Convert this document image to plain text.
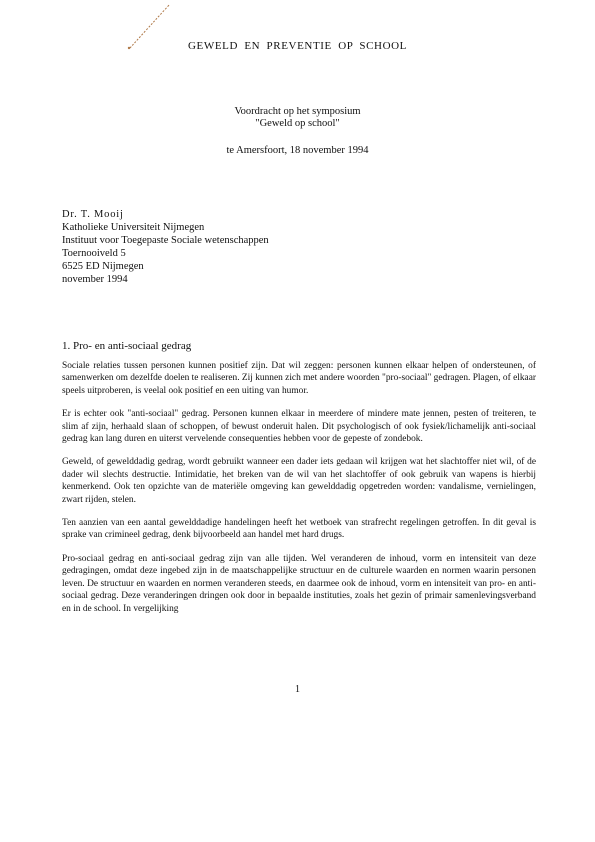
GEWELD EN PREVENTIE OP SCHOOL
Voordracht op het symposium
"Geweld op school"
te Amersfoort, 18 november 1994
Dr. T. Mooij
Katholieke Universiteit Nijmegen
Instituut voor Toegepaste Sociale wetenschappen
Toernooiveld 5
6525 ED Nijmegen
november 1994
1. Pro- en anti-sociaal gedrag

Sociale relaties tussen personen kunnen positief zijn. Dat wil zeggen: personen kunnen elkaar helpen of ondersteunen, of samenwerken om dezelfde doelen te realiseren. Zij kunnen zich met andere woorden "pro-sociaal" gedragen. Plagen, of elkaar speels uitproberen, is veelal ook positief en een uiting van humor.

Er is echter ook "anti-sociaal" gedrag. Personen kunnen elkaar in meerdere of mindere mate jennen, pesten of treiteren, te slim af zijn, herhaald slaan of schoppen, of bewust onderuit halen. Dit psychologisch of ook fysiek/lichamelijk anti-sociaal gedrag kan lang duren en uiterst vervelende consequenties hebben voor de gepeste of zondebok.

Geweld, of gewelddadig gedrag, wordt gebruikt wanneer een dader iets gedaan wil krijgen wat het slachtoffer niet wil, of de dader wil slechts destructie. Intimidatie, het breken van de wil van het slachtoffer of ook gebruik van wapens is hierbij kenmerkend. Ook ten opzichte van de materiële omgeving kan gewelddadig opgetreden worden: vandalisme, vernielingen, zwart rijden, stelen.

Ten aanzien van een aantal gewelddadige handelingen heeft het wetboek van strafrecht regelingen getroffen. In dit geval is sprake van crimineel gedrag, denk bijvoorbeeld aan handel met hard drugs.

Pro-sociaal gedrag en anti-sociaal gedrag zijn van alle tijden. Wel veranderen de inhoud, vorm en intensiteit van deze gedragingen, omdat deze ingebed zijn in de maatschappelijke structuur en de culturele waarden en normen waarin personen leven. De structuur en waarden en normen veranderen steeds, en daarmee ook de inhoud, vorm en intensiteit van pro- en anti-sociaal gedrag. Deze veranderingen dringen ook door in bepaalde instituties, zoals het gezin of primair samenlevingsverband en in de school. In vergelijking

1
